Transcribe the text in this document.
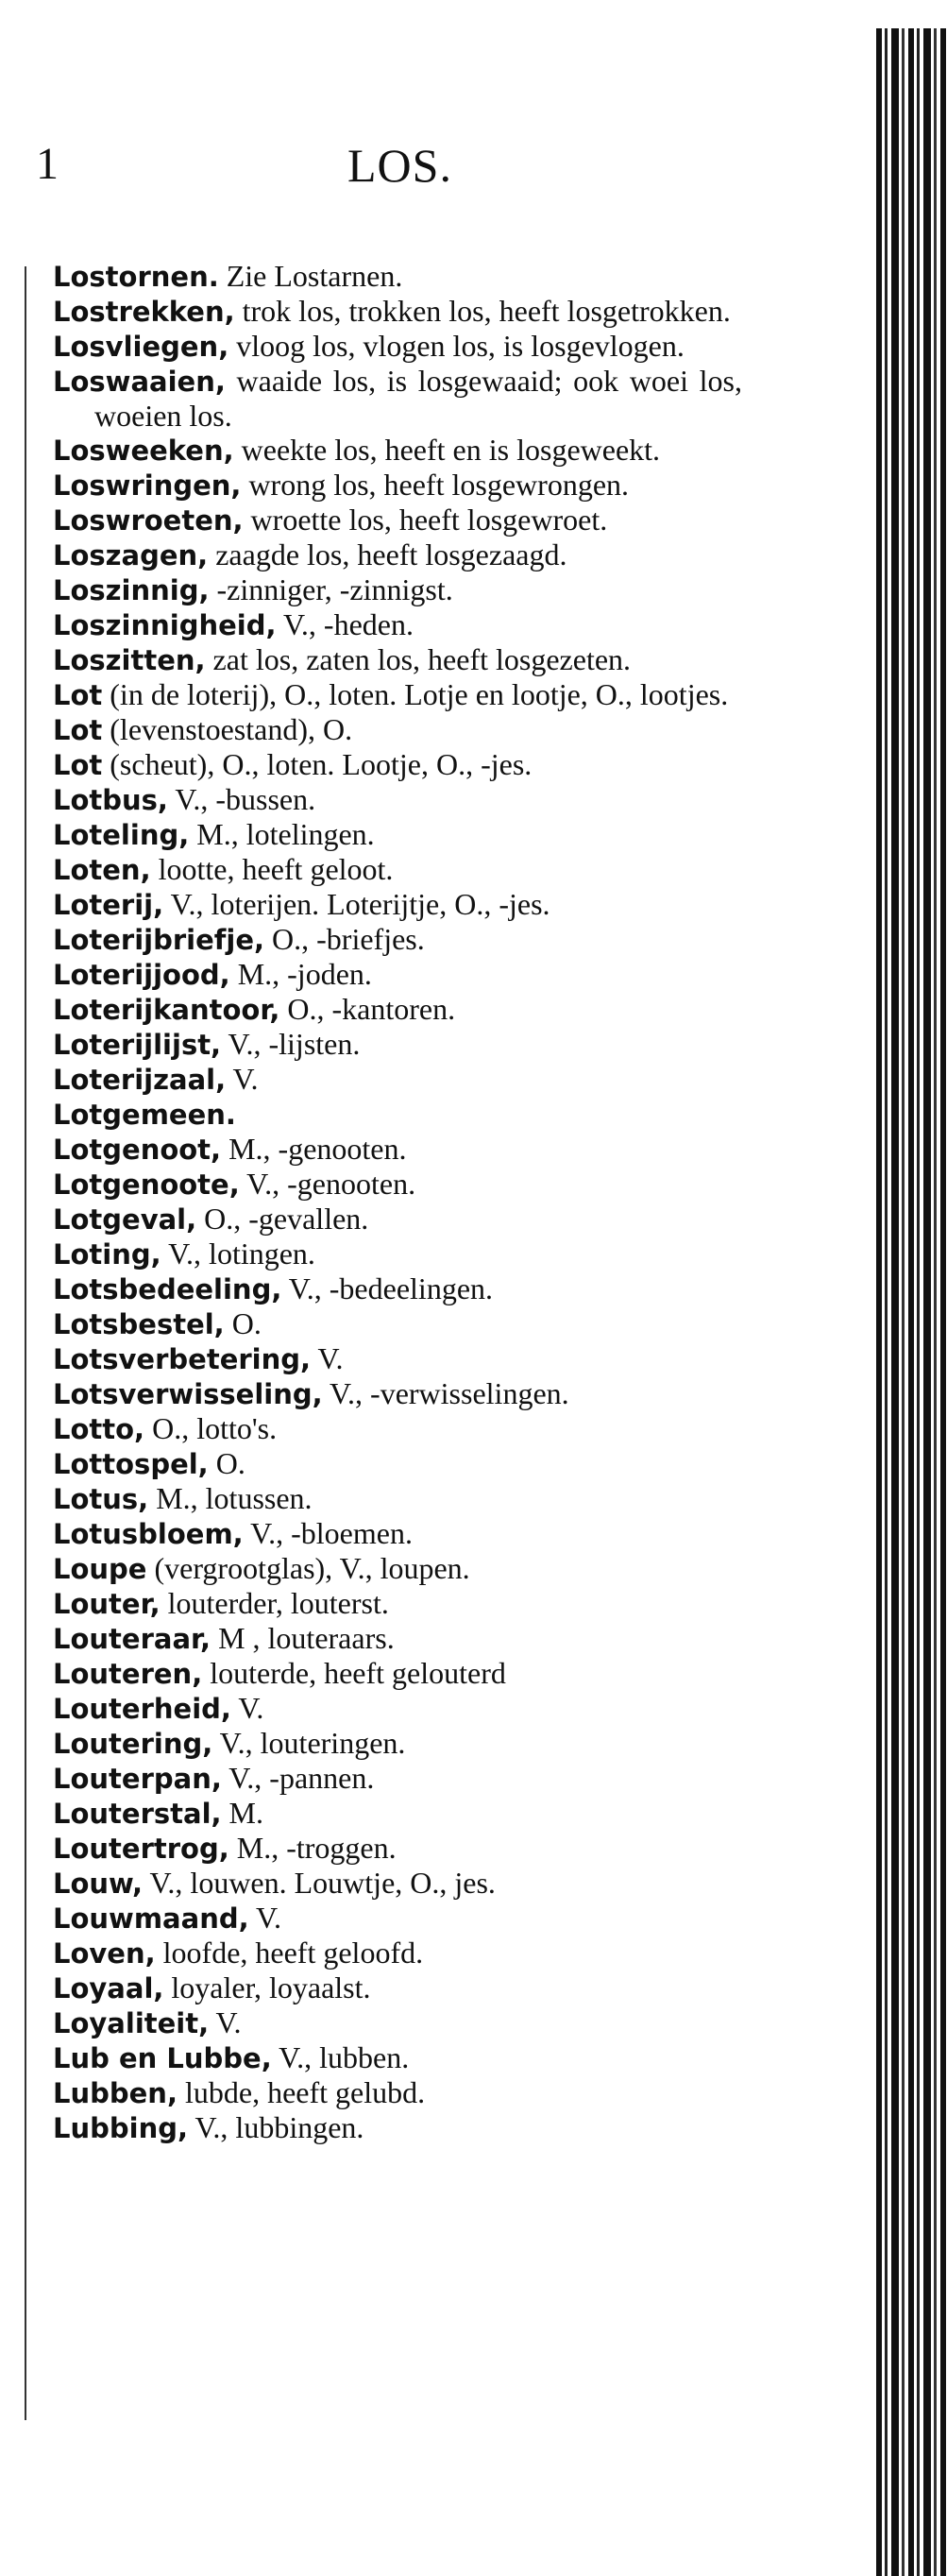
1	LOS.
Lostornen. Zie Lostarnen.
Lostrekken, trok los, trokken los, heeft losgetrokken.
Losvliegen, vloog los, vlogen los, is losgevlogen.
Loswaaien, waaide los, is losgewaaid; ook woei los, woeien los.
Losweeken, weekte los, heeft en is losgeweekt.
Loswringen, wrong los, heeft losgewrongen.
Loswroeten, wroette los, heeft losgewroet.
Loszagen, zaagde los, heeft losgezaagd.
Loszinnig, -zinniger, -zinnigst.
Loszinnigheid, V., -heden.
Loszitten, zat los, zaten los, heeft losgezeten.
Lot (in de loterij), O., loten. Lotje en lootje, O., lootjes.
Lot (levenstoestand), O.
Lot (scheut), O., loten. Lootje, O., -jes.
Lotbus, V., -bussen.
Loteling, M., lotelingen.
Loten, lootte, heeft geloot.
Loterij, V., loterijen. Loterijtje, O., -jes.
Loterijbriefje, O., -briefjes.
Loterijjood, M., -joden.
Loterijkantoor, O., -kantoren.
Loterijlijst, V., -lijsten.
Loterijzaal, V.
Lotgemeen.
Lotgenoot, M., -genooten.
Lotgenoote, V., -genooten.
Lotgeval, O., -gevallen.
Loting, V., lotingen.
Lotsbedeeling, V., -bedeelingen.
Lotsbestel, O.
Lotsverbetering, V.
Lotsverwisseling, V., -verwisselingen.
Lotto, O., lotto's.
Lottospel, O.
Lotus, M., lotussen.
Lotusbloem, V., -bloemen.
Loupe (vergrootglas), V., loupen.
Louter, louterder, louterst.
Louteraar, M , louteraars.
Louteren, louterde, heeft gelouterd
Louterheid, V.
Loutering, V., louteringen.
Louterpan, V., -pannen.
Louterstal, M.
Loutertrog, M., -troggen.
Louw, V., louwen. Louwtje, O., jes.
Louwmaand, V.
Loven, loofde, heeft geloofd.
Loyaal, loyaler, loyaalst.
Loyaliteit, V.
Lub en Lubbe, V., lubben.
Lubben, lubde, heeft gelubd.
Lubbing, V., lubbingen.
